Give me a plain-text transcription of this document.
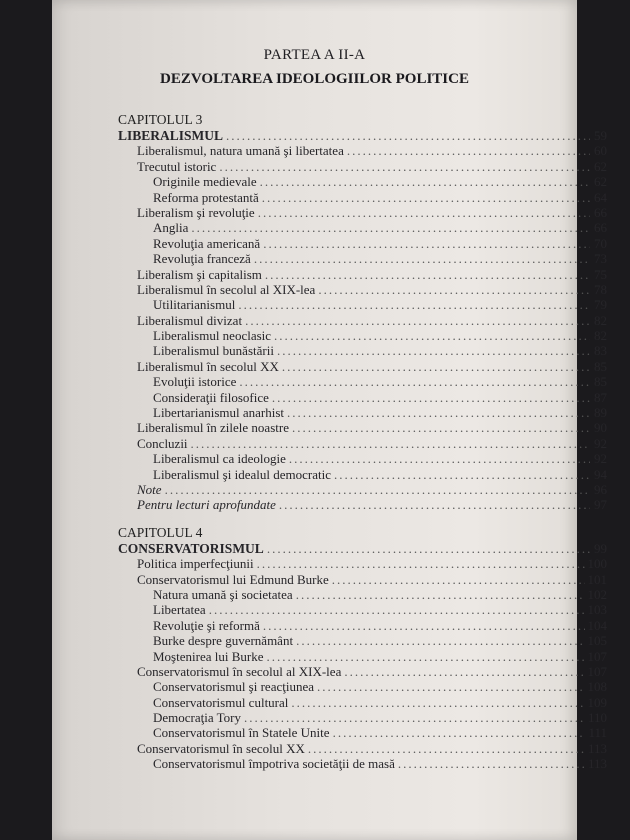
PARTEA A II-A
DEZVOLTAREA IDEOLOGIILOR POLITICE
CAPITOLUL 3
LIBERALISMUL .....	59
Liberalismul, natura umană şi libertatea .....	60
Trecutul istoric .....	62
Originile medievale .....	62
Reforma protestantă .....	64
Liberalism şi revoluţie .....	66
Anglia .....	66
Revoluţia americană .....	70
Revoluţia franceză .....	73
Liberalism şi capitalism .....	75
Liberalismul în secolul al XIX-lea .....	78
Utilitarianismul .....	79
Liberalismul divizat .....	82
Liberalismul neoclasic .....	82
Liberalismul bunăstării .....	83
Liberalismul în secolul XX .....	85
Evoluţii istorice .....	85
Consideraţii filosofice .....	87
Libertarianismul anarhist .....	89
Liberalismul în zilele noastre .....	90
Concluzii .....	92
Liberalismul ca ideologie .....	92
Liberalismul şi idealul democratic .....	94
Note .....	96
Pentru lecturi aprofundate .....	97
CAPITOLUL 4
CONSERVATORISMUL .....	99
Politica imperfecţiunii .....	100
Conservatorismul lui Edmund Burke .....	101
Natura umană şi societatea .....	102
Libertatea .....	103
Revoluţie şi reformă .....	104
Burke despre guvernământ .....	105
Moştenirea lui Burke .....	107
Conservatorismul în secolul al XIX-lea .....	107
Conservatorismul şi reacţiunea .....	108
Conservatorismul cultural .....	109
Democraţia Tory .....	110
Conservatorismul în Statele Unite .....	111
Conservatorismul în secolul XX .....	113
Conservatorismul împotriva societăţii de masă .....	113
